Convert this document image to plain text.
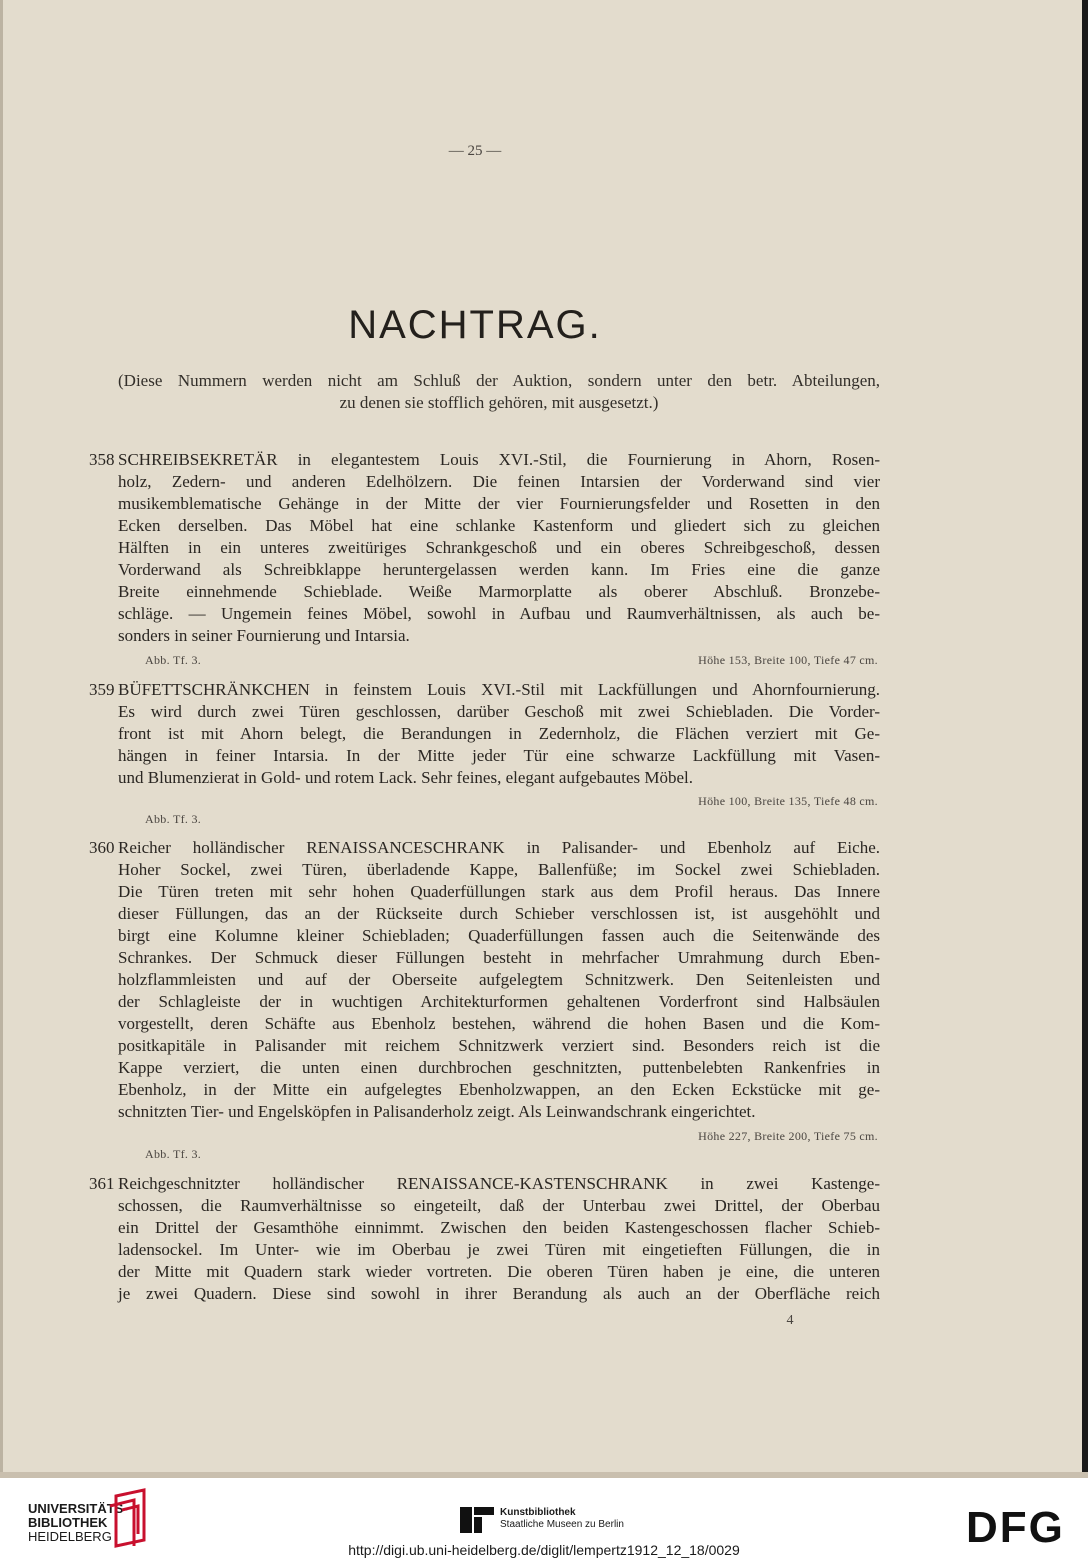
— 25 —
NACHTRAG.
(Diese Nummern werden nicht am Schluß der Auktion, sondern unter den betr. Abteilungen,
zu denen sie stofflich gehören, mit ausgesetzt.)
358 SCHREIBSEKRETÄR in elegantestem Louis XVI.-Stil, die Fournierung in Ahorn, Rosen-
holz, Zedern- und anderen Edelhölzern. Die feinen Intarsien der Vorderwand sind vier
musikemblematische Gehänge in der Mitte der vier Fournierungsfelder und Rosetten in den
Ecken derselben. Das Möbel hat eine schlanke Kastenform und gliedert sich zu gleichen
Hälften in ein unteres zweitüriges Schrankgeschoß und ein oberes Schreibgeschoß, dessen
Vorderwand als Schreibklappe heruntergelassen werden kann. Im Fries eine die ganze
Breite einnehmende Schieblade. Weiße Marmorplatte als oberer Abschluß. Bronzebe-
schläge. — Ungemein feines Möbel, sowohl in Aufbau und Raumverhältnissen, als auch be-
sonders in seiner Fournierung und Intarsia.
Abb. Tf. 3.	Höhe 153, Breite 100, Tiefe 47 cm.
359 BÜFETTSCHRÄNKCHEN in feinstem Louis XVI.-Stil mit Lackfüllungen und Ahornfournierung.
Es wird durch zwei Türen geschlossen, darüber Geschoß mit zwei Schiebladen. Die Vorder-
front ist mit Ahorn belegt, die Berandungen in Zedernholz, die Flächen verziert mit Ge-
hängen in feiner Intarsia. In der Mitte jeder Tür eine schwarze Lackfüllung mit Vasen-
und Blumenzierat in Gold- und rotem Lack. Sehr feines, elegant aufgebautes Möbel.
Höhe 100, Breite 135, Tiefe 48 cm.
Abb. Tf. 3.
360 Reicher holländischer RENAISSANCESCHRANK in Palisander- und Ebenholz auf Eiche.
Hoher Sockel, zwei Türen, überladende Kappe, Ballenfüße; im Sockel zwei Schiebladen.
Die Türen treten mit sehr hohen Quaderfüllungen stark aus dem Profil heraus. Das Innere
dieser Füllungen, das an der Rückseite durch Schieber verschlossen ist, ist ausgehöhlt und
birgt eine Kolumne kleiner Schiebladen; Quaderfüllungen fassen auch die Seitenwände des
Schrankes. Der Schmuck dieser Füllungen besteht in mehrfacher Umrahmung durch Eben-
holzflammleisten und auf der Oberseite aufgelegtem Schnitzwerk. Den Seitenleisten und
der Schlagleiste der in wuchtigen Architekturformen gehaltenen Vorderfront sind Halbsäulen
vorgestellt, deren Schäfte aus Ebenholz bestehen, während die hohen Basen und die Kom-
positkapitäle in Palisander mit reichem Schnitzwerk verziert sind. Besonders reich ist die
Kappe verziert, die unten einen durchbrochen geschnitzten, puttenbelebten Rankenfries in
Ebenholz, in der Mitte ein aufgelegtes Ebenholzwappen, an den Ecken Eckstücke mit ge-
schnitzten Tier- und Engelsköpfen in Palisanderholz zeigt. Als Leinwandschrank eingerichtet.
Höhe 227, Breite 200, Tiefe 75 cm.
Abb. Tf. 3.
361 Reichgeschnitzter holländischer RENAISSANCE-KASTENSCHRANK in zwei Kastenge-
schossen, die Raumverhältnisse so eingeteilt, daß der Unterbau zwei Drittel, der Oberbau
ein Drittel der Gesamthöhe einnimmt. Zwischen den beiden Kastengeschossen flacher Schieb-
ladensockel. Im Unter- wie im Oberbau je zwei Türen mit eingetieften Füllungen, die in
der Mitte mit Quadern stark wieder vortreten. Die oberen Türen haben je eine, die unteren
je zwei Quadern. Diese sind sowohl in ihrer Berandung als auch an der Oberfläche reich
4
UNIVERSITÄTS-
BIBLIOTHEK
HEIDELBERG
Kunstbibliothek
Staatliche Museen zu Berlin	DFG
http://digi.ub.uni-heidelberg.de/diglit/lempertz1912_12_18/0029
